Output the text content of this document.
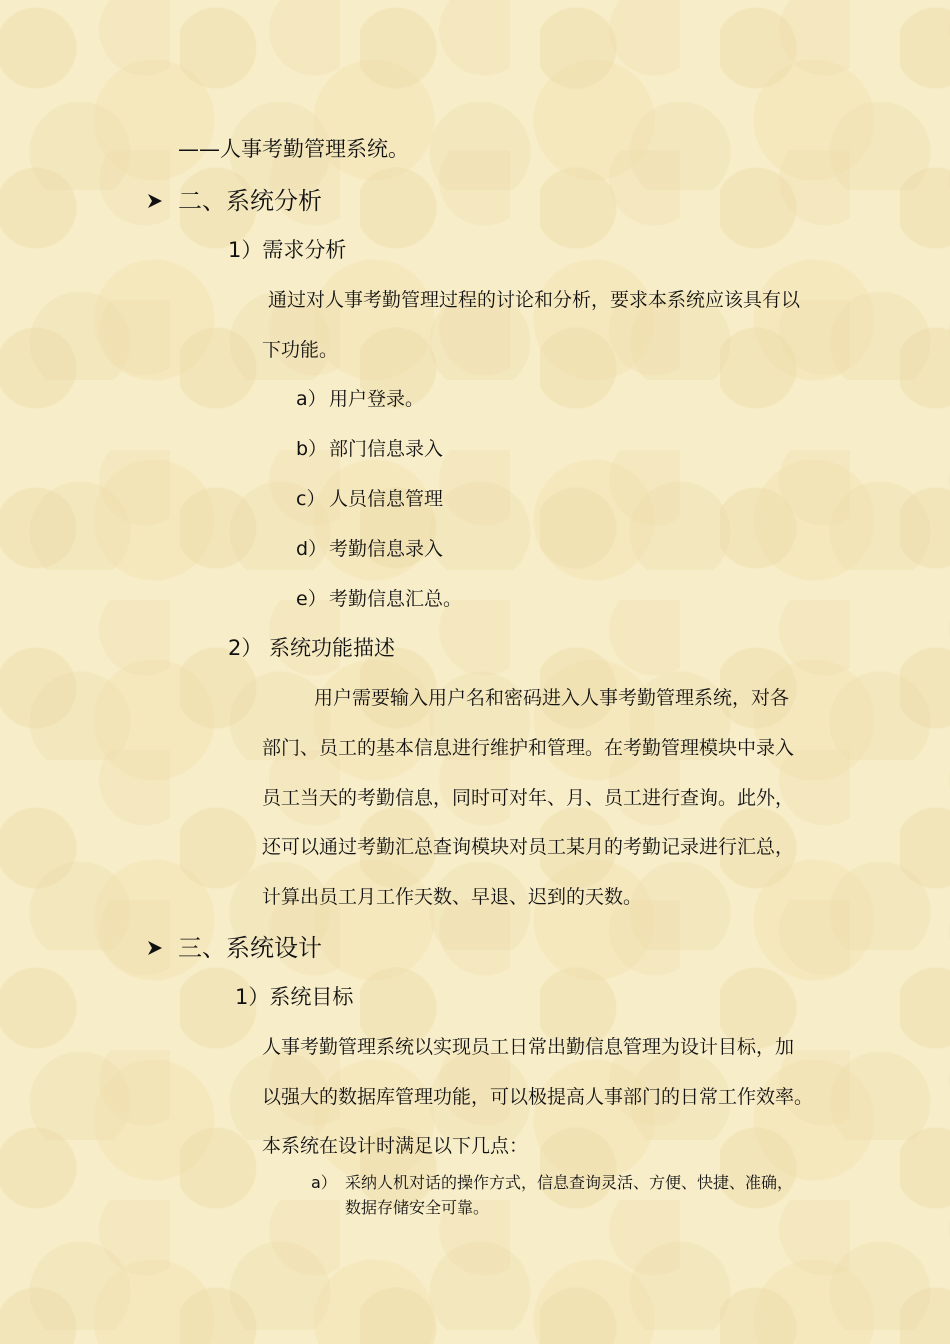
——人事考勤管理系统。
二、系统分析
1）需求分析
通过对人事考勤管理过程的讨论和分析，要求本系统应该具有以
下功能。
a） 用户登录。
b） 部门信息录入
c） 人员信息管理
d） 考勤信息录入
e） 考勤信息汇总。
2） 系统功能描述
用户需要输入用户名和密码进入人事考勤管理系统，对各
部门、员工的基本信息进行维护和管理。在考勤管理模块中录入
员工当天的考勤信息，同时可对年、月、员工进行查询。此外，
还可以通过考勤汇总查询模块对员工某月的考勤记录进行汇总，
计算出员工月工作天数、早退、迟到的天数。
三、系统设计
1）系统目标
人事考勤管理系统以实现员工日常出勤信息管理为设计目标，加
以强大的数据库管理功能，可以极提高人事部门的日常工作效率。
本系统在设计时满足以下几点：
a） 采纳人机对话的操作方式，信息查询灵活、方便、快捷、准确，
数据存储安全可靠。
